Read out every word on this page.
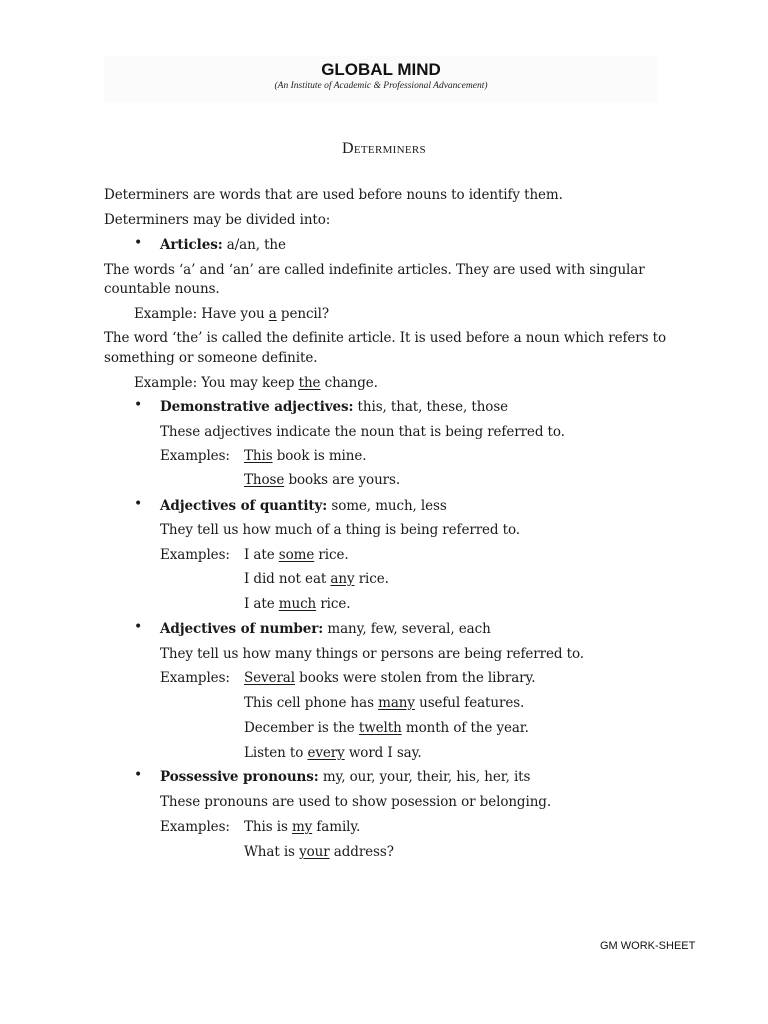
GLOBAL MIND
(An Institute of Academic & Professional Advancement)
Determiners
Determiners are words that are used before nouns to identify them.
Determiners may be divided into:
• Articles: a/an, the
The words ‘a’ and ‘an’ are called indefinite articles. They are used with singular
countable nouns.
Example: Have you a pencil?
The word ‘the’ is called the definite article. It is used before a noun which refers to
something or someone definite.
Example: You may keep the change.
• Demonstrative adjectives: this, that, these, those
These adjectives indicate the noun that is being referred to.
Examples: This book is mine.
Those books are yours.
• Adjectives of quantity: some, much, less
They tell us how much of a thing is being referred to.
Examples: I ate some rice.
I did not eat any rice.
I ate much rice.
• Adjectives of number: many, few, several, each
They tell us how many things or persons are being referred to.
Examples: Several books were stolen from the library.
This cell phone has many useful features.
December is the twelth month of the year.
Listen to every word I say.
• Possessive pronouns: my, our, your, their, his, her, its
These pronouns are used to show posession or belonging.
Examples: This is my family.
What is your address?
GM WORK-SHEET
